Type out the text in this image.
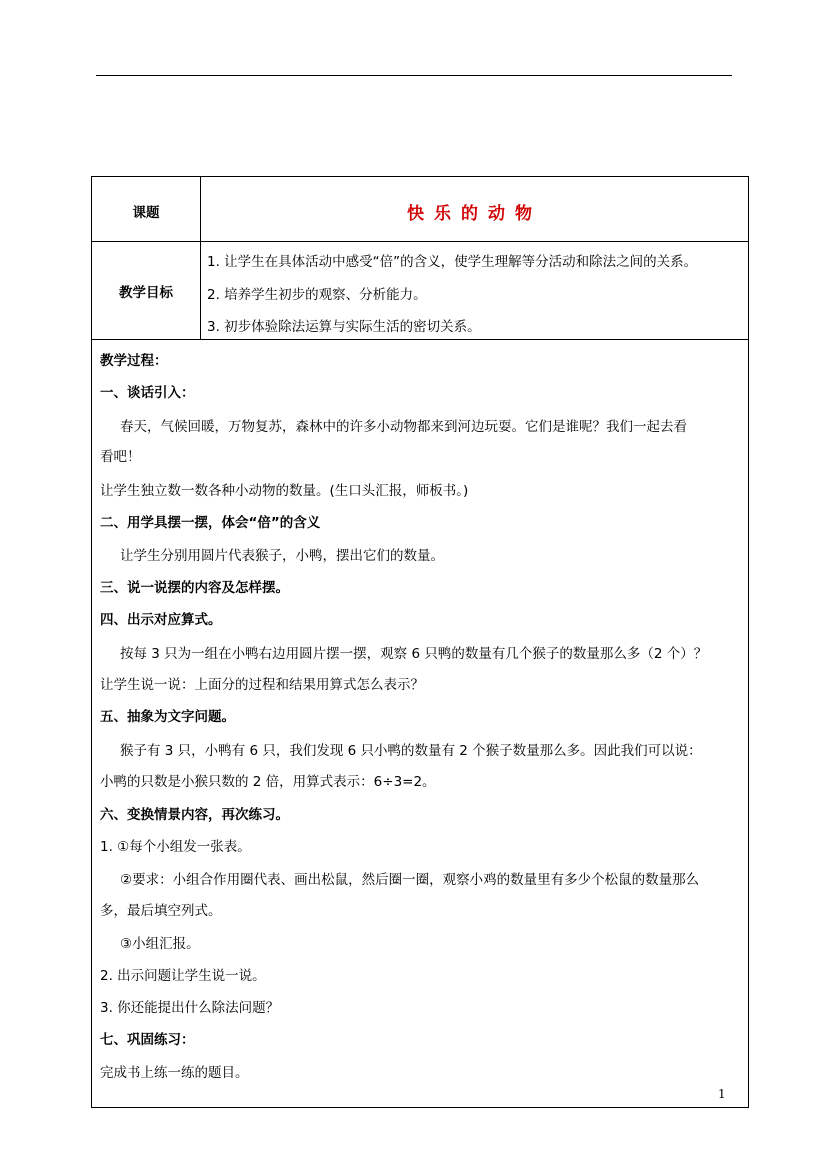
课题	快乐的动物
教学目标
1. 让学生在具体活动中感受“倍”的含义，使学生理解等分活动和除法之间的关系。
2. 培养学生初步的观察、分析能力。
3. 初步体验除法运算与实际生活的密切关系。
教学过程：
一、谈话引入：
春天，气候回暖，万物复苏，森林中的许多小动物都来到河边玩耍。它们是谁呢？我们一起去看
看吧！
让学生独立数一数各种小动物的数量。(生口头汇报，师板书。)
二、用学具摆一摆，体会“倍”的含义
让学生分别用圆片代表猴子，小鸭，摆出它们的数量。
三、说一说摆的内容及怎样摆。
四、出示对应算式。
按每 3 只为一组在小鸭右边用圆片摆一摆，观察 6 只鸭的数量有几个猴子的数量那么多（2 个）？
让学生说一说：上面分的过程和结果用算式怎么表示？
五、抽象为文字问题。
猴子有 3 只，小鸭有 6 只，我们发现 6 只小鸭的数量有 2 个猴子数量那么多。因此我们可以说：
小鸭的只数是小猴只数的 2 倍，用算式表示：6÷3=2。
六、变换情景内容，再次练习。
1. ①每个小组发一张表。
②要求：小组合作用圈代表、画出松鼠，然后圈一圈，观察小鸡的数量里有多少个松鼠的数量那么
多，最后填空列式。
③小组汇报。
2. 出示问题让学生说一说。
3. 你还能提出什么除法问题？
七、巩固练习：
完成书上练一练的题目。
1
